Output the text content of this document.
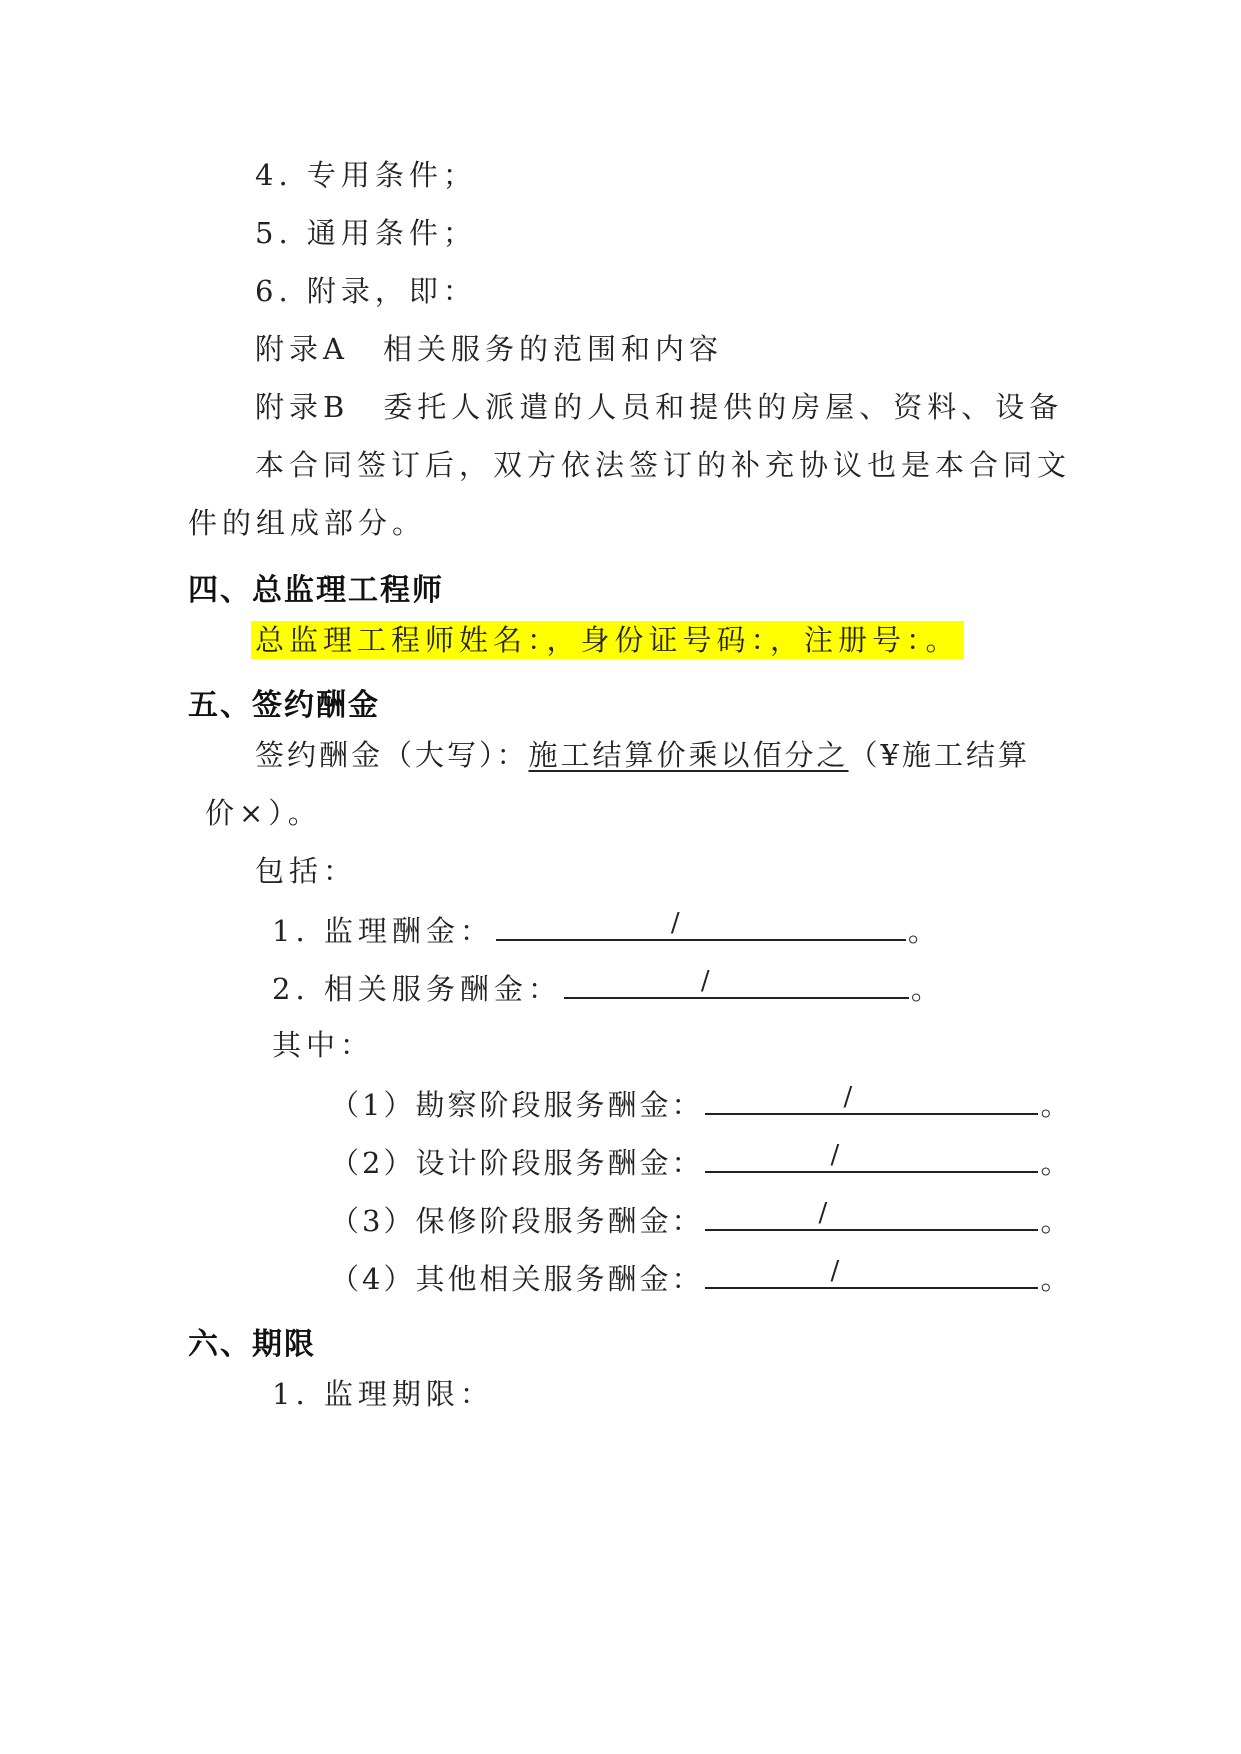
4. 专用条件；
5. 通用条件；
6. 附录，即：
附录A　相关服务的范围和内容
附录B　委托人派遣的人员和提供的房屋、资料、设备
本合同签订后，双方依法签订的补充协议也是本合同文
件的组成部分。
四、总监理工程师
总监理工程师姓名：，身份证号码：，注册号：。
五、签约酬金
签约酬金（大写）：施工结算价乘以佰分之（¥施工结算
价×）。
包括：
1. 监理酬金：	/	。
2. 相关服务酬金：	/	。
其中：
（1）勘察阶段服务酬金：	/	。
（2）设计阶段服务酬金：	/	。
（3）保修阶段服务酬金：	/	。
（4）其他相关服务酬金：	/	。
六、期限
1. 监理期限：
